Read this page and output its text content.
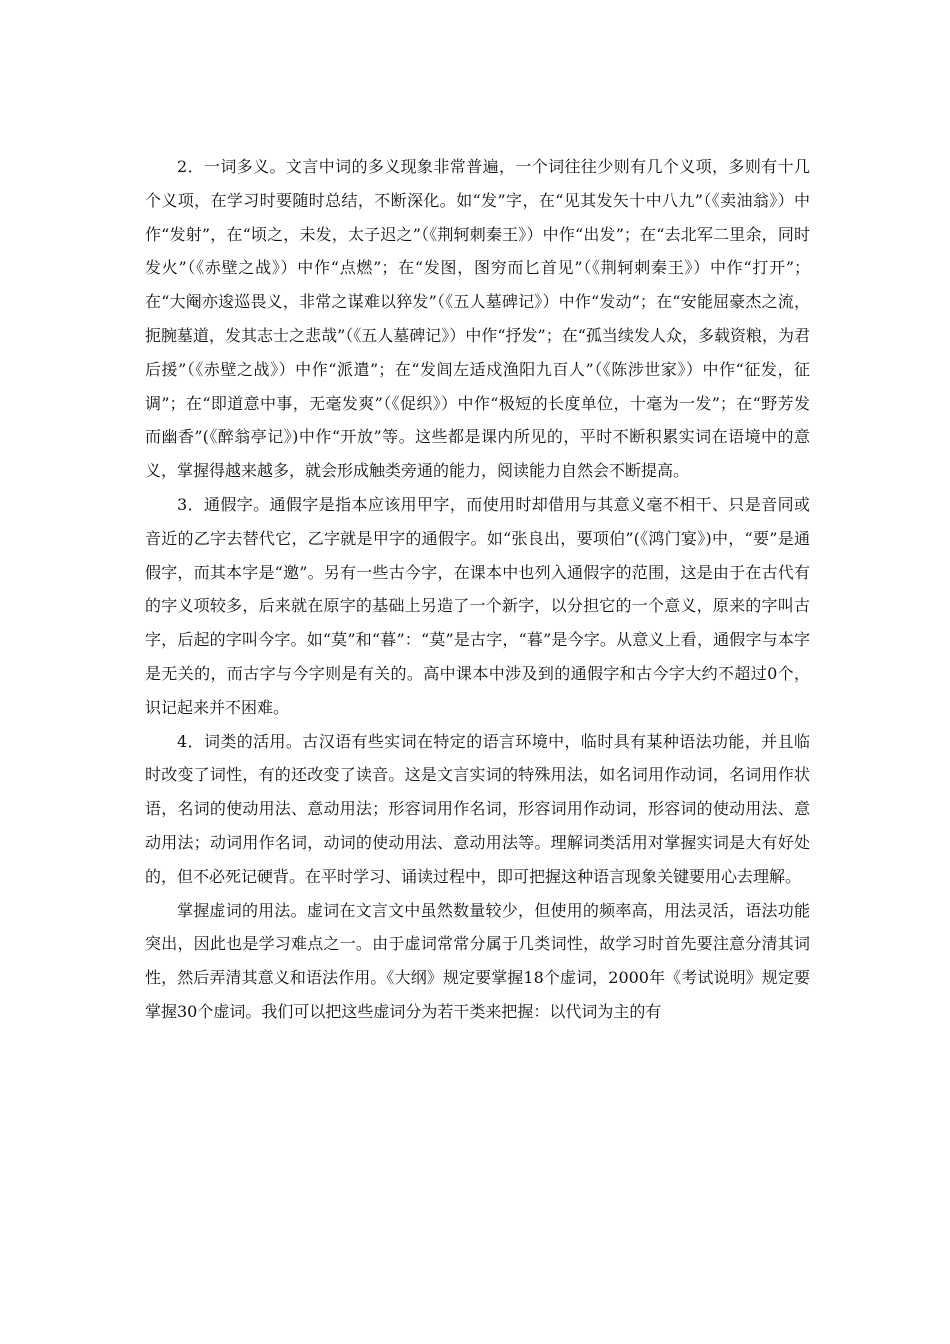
2．一词多义。文言中词的多义现象非常普遍，一个词往往少则有几个义项，多则有十几个义项，在学习时要随时总结，不断深化。如“发”字，在“见其发矢十中八九”（《卖油翁》）中作“发射”，在“顷之，未发，太子迟之”（《荆轲刺秦王》）中作“出发”；在“去北军二里余，同时发火”（《赤壁之战》）中作“点燃”；在“发图，图穷而匕首见”（《荆轲刺秦王》）中作“打开”；在“大阉亦逡巡畏义，非常之谋难以猝发”（《五人墓碑记》）中作“发动”；在“安能屈豪杰之流，扼腕墓道，发其志士之悲哉”（《五人墓碑记》）中作“抒发”；在“孤当续发人众，多载资粮，为君后援”（《赤壁之战》）中作“派遣”；在“发闾左适戍渔阳九百人”（《陈涉世家》）中作“征发，征调”；在“即道意中事，无毫发爽”（《促织》）中作“极短的长度单位，十毫为一发”；在“野芳发而幽香”(《醉翁亭记》)中作“开放”等。这些都是课内所见的，平时不断积累实词在语境中的意义，掌握得越来越多，就会形成触类旁通的能力，阅读能力自然会不断提高。

3．通假字。通假字是指本应该用甲字，而使用时却借用与其意义毫不相干、只是音同或音近的乙字去替代它，乙字就是甲字的通假字。如“张良出，要项伯”(《鸿门宴》)中，“要”是通假字，而其本字是“邀”。另有一些古今字，在课本中也列入通假字的范围，这是由于在古代有的字义项较多，后来就在原字的基础上另造了一个新字，以分担它的一个意义，原来的字叫古字，后起的字叫今字。如“莫”和“暮”：“莫”是古字，“暮”是今字。从意义上看，通假字与本字是无关的，而古字与今字则是有关的。高中课本中涉及到的通假字和古今字大约不超过0个，识记起来并不困难。

4．词类的活用。古汉语有些实词在特定的语言环境中，临时具有某种语法功能，并且临时改变了词性，有的还改变了读音。这是文言实词的特殊用法，如名词用作动词，名词用作状语，名词的使动用法、意动用法；形容词用作名词，形容词用作动词，形容词的使动用法、意动用法；动词用作名词，动词的使动用法、意动用法等。理解词类活用对掌握实词是大有好处的，但不必死记硬背。在平时学习、诵读过程中，即可把握这种语言现象关键要用心去理解。

掌握虚词的用法。虚词在文言文中虽然数量较少，但使用的频率高，用法灵活，语法功能突出，因此也是学习难点之一。由于虚词常常分属于几类词性，故学习时首先要注意分清其词性，然后弄清其意义和语法作用。《大纲》规定要掌握18个虚词，2000年《考试说明》规定要掌握30个虚词。我们可以把这些虚词分为若干类来把握：以代词为主的有
